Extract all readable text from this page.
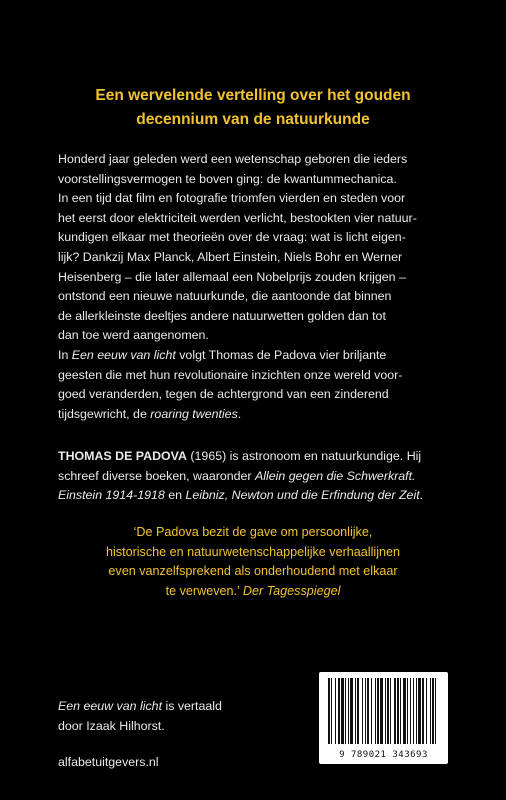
Een wervelende vertelling over het gouden
decennium van de natuurkunde

Honderd jaar geleden werd een wetenschap geboren die ieders
voorstellingsvermogen te boven ging: de kwantummechanica.
In een tijd dat film en fotografie triomfen vierden en steden voor
het eerst door elektriciteit werden verlicht, bestookten vier natuur-
kundigen elkaar met theorieën over de vraag: wat is licht eigen-
lijk? Dankzij Max Planck, Albert Einstein, Niels Bohr en Werner
Heisenberg – die later allemaal een Nobelprijs zouden krijgen –
ontstond een nieuwe natuurkunde, die aantoonde dat binnen
de allerkleinste deeltjes andere natuurwetten golden dan tot
dan toe werd aangenomen.

In Een eeuw van licht volgt Thomas de Padova vier briljante
geesten die met hun revolutionaire inzichten onze wereld voor-
goed veranderden, tegen de achtergrond van een zinderend
tijdsgewricht, de roaring twenties.

THOMAS DE PADOVA (1965) is astronoom en natuurkundige. Hij
schreef diverse boeken, waaronder Allein gegen die Schwerkraft.
Einstein 1914-1918 en Leibniz, Newton und die Erfindung der Zeit.
‘De Padova bezit de gave om persoonlijke,
historische en natuurwetenschappelijke verhaallijnen
even vanzelfsprekend als onderhoudend met elkaar
te verweven.’ Der Tagesspiegel
Een eeuw van licht is vertaald
door Izaak Hilhorst.
alfabetuitgevers.nl	9 789021 343693
